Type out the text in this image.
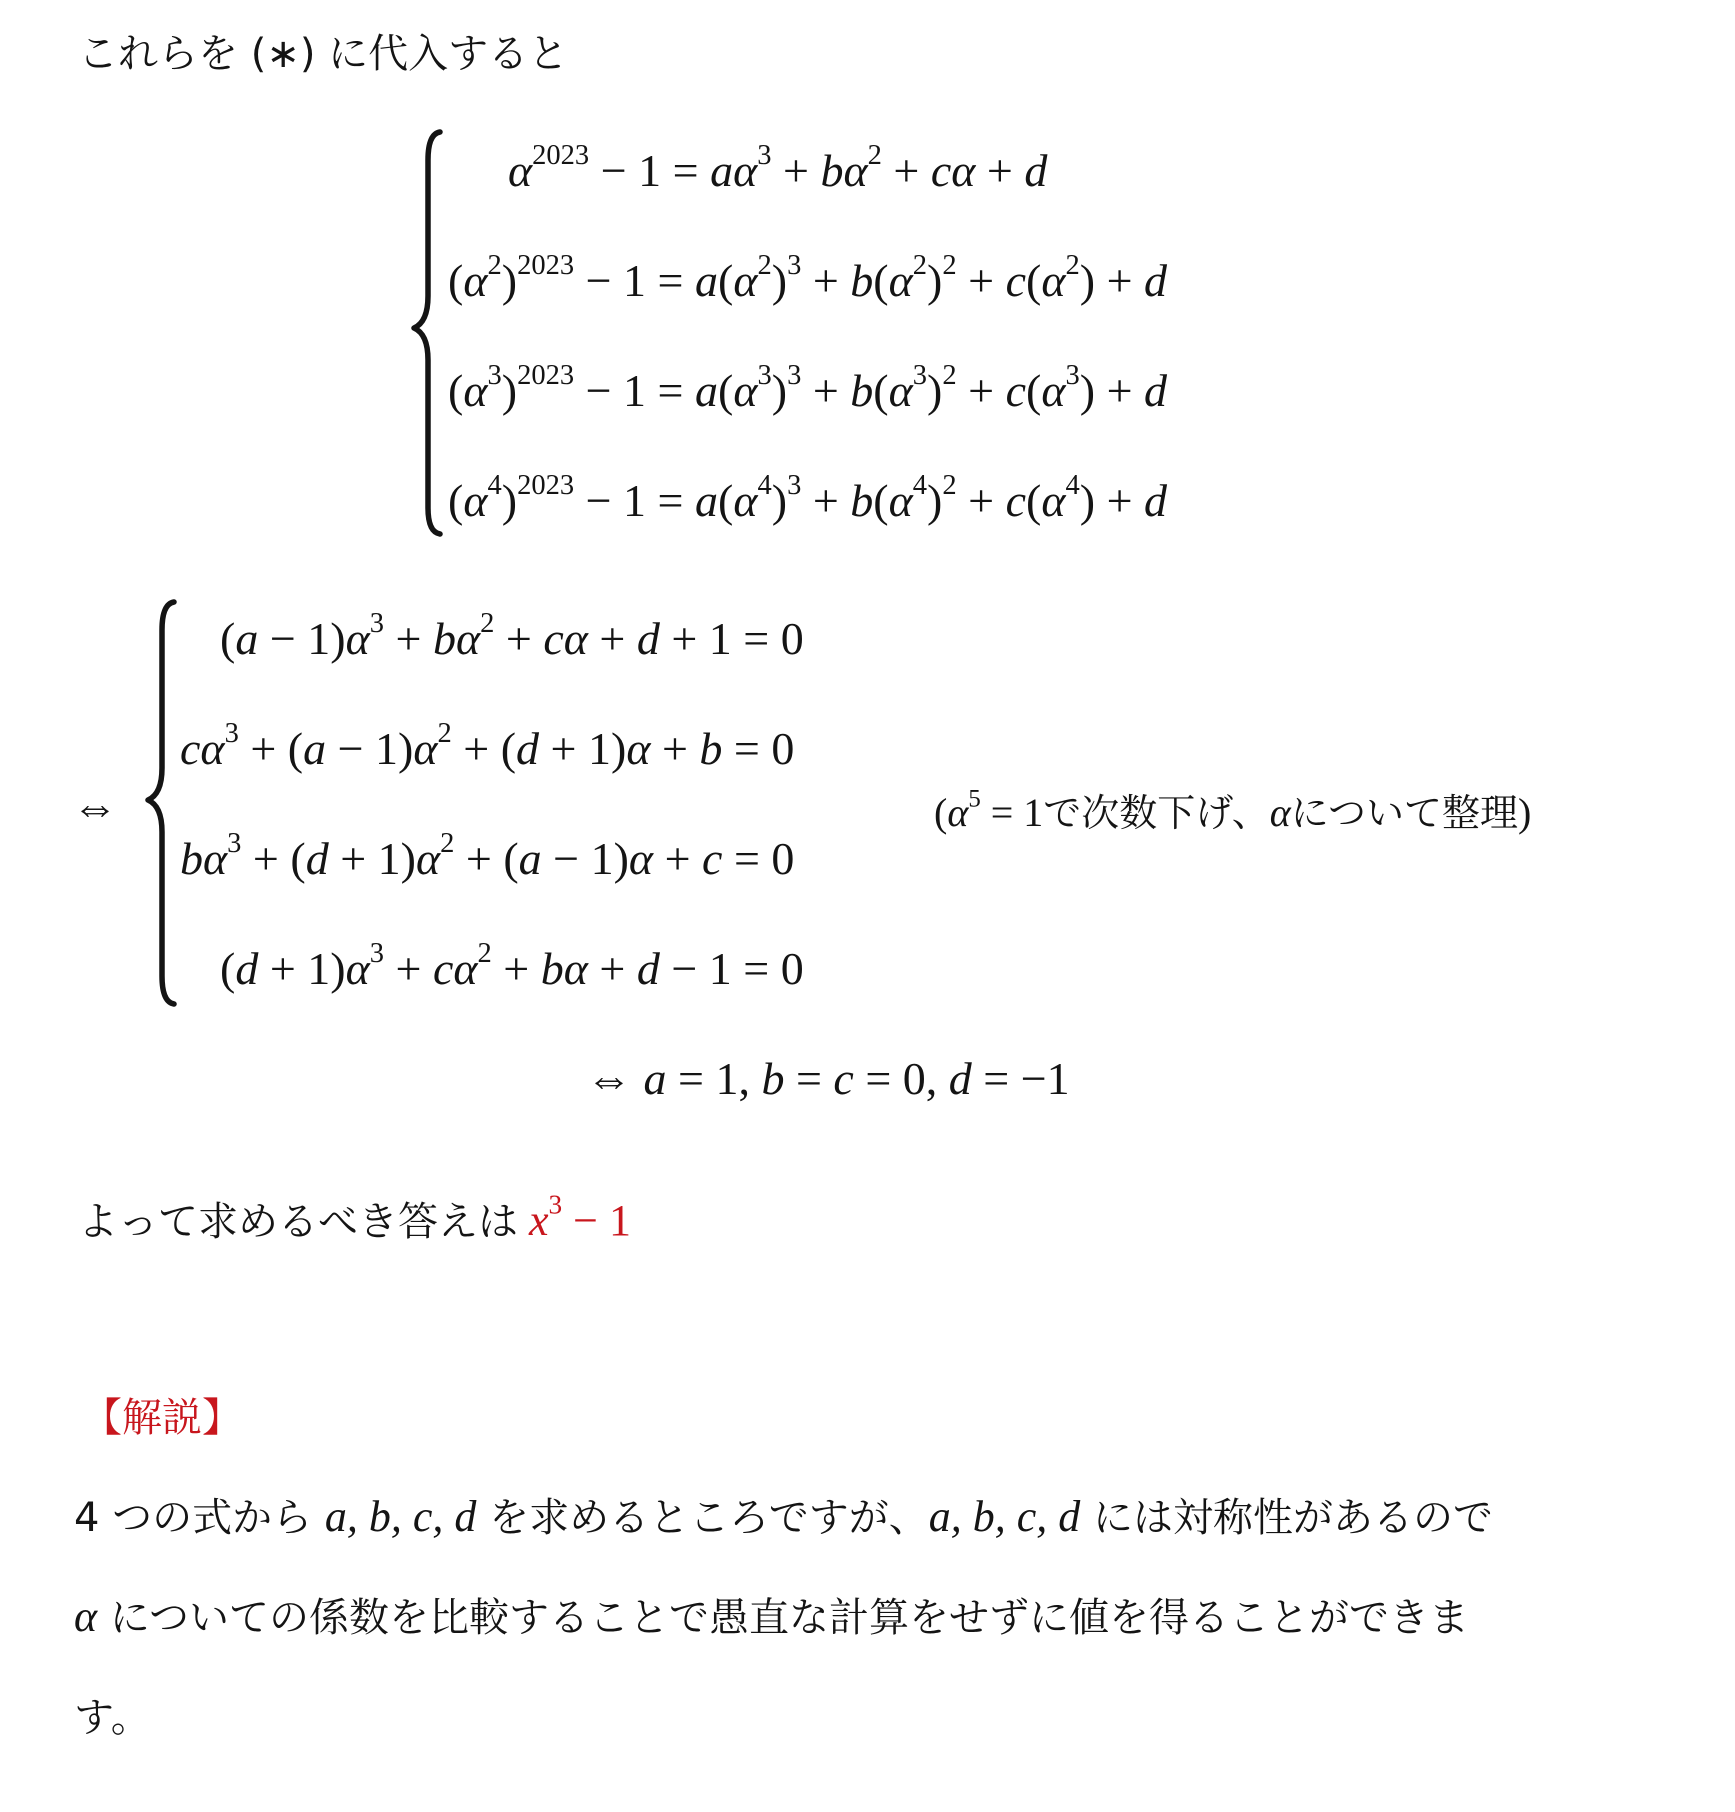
これらを (∗) に代入すると
$\alpha^{2023} - 1 = a\alpha^3 + b\alpha^2 + c\alpha + d$
$(\alpha^2)^{2023} - 1 = a(\alpha^2)^3 + b(\alpha^2)^2 + c(\alpha^2) + d$
$(\alpha^3)^{2023} - 1 = a(\alpha^3)^3 + b(\alpha^3)^2 + c(\alpha^3) + d$
$(\alpha^4)^{2023} - 1 = a(\alpha^4)^3 + b(\alpha^4)^2 + c(\alpha^4) + d$
⇔
$(a - 1)\alpha^3 + b\alpha^2 + c\alpha + d + 1 = 0$
$c\alpha^3 + (a - 1)\alpha^2 + (d + 1)\alpha + b = 0$
$b\alpha^3 + (d + 1)\alpha^2 + (a - 1)\alpha + c = 0$
$(d + 1)\alpha^3 + c\alpha^2 + b\alpha + d - 1 = 0$
($\alpha^5 = 1$で次数下げ、αについて整理)
⇔ a = 1, b = c = 0, d = −1
よって求めるべき答えは $x^3 - 1$
【解説】
4 つの式から a, b, c, d を求めるところですが、a, b, c, d には対称性があるので
α についての係数を比較することで愚直な計算をせずに値を得ることができま
す。
